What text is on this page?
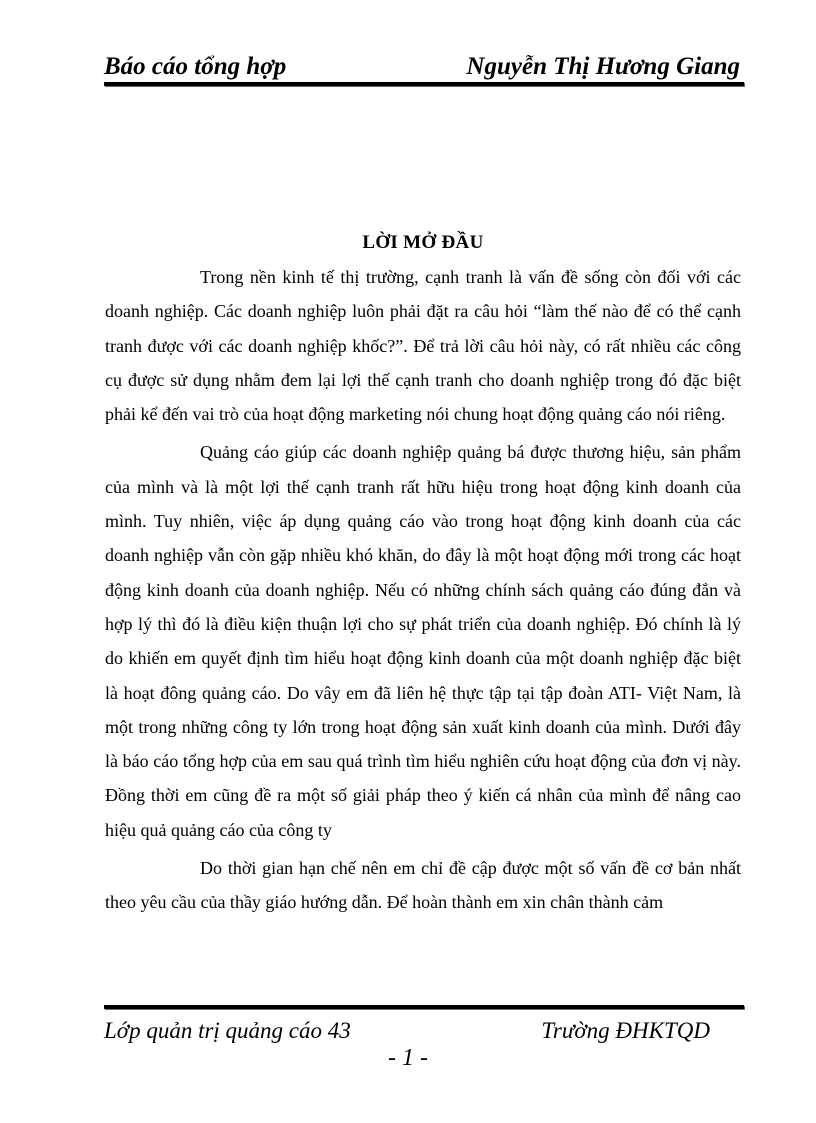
Báo cáo tổng hợp	Nguyễn Thị Hương Giang
LỜI MỞ ĐẦU

Trong nền kinh tế thị trường, cạnh tranh là vấn đề sống còn đối với các doanh nghiệp. Các doanh nghiệp luôn phải đặt ra câu hỏi “làm thế nào để có thể cạnh tranh được với các doanh nghiệp khốc?”. Để trả lời câu hỏi này, có rất nhiều các công cụ được sử dụng nhằm đem lại lợi thế cạnh tranh cho doanh nghiệp trong đó đặc biệt phải kể đến vai trò của hoạt động marketing nói chung hoạt động quảng cáo nói riêng.

Quảng cáo giúp các doanh nghiệp quảng bá được thương hiệu, sản phẩm của mình và là một lợi thế cạnh tranh rất hữu hiệu trong hoạt động kinh doanh của mình. Tuy nhiên, việc áp dụng quảng cáo vào trong hoạt động kinh doanh của các doanh nghiệp vẫn còn gặp nhiều khó khăn, do đây là một hoạt động mới trong các hoạt động kinh doanh của doanh nghiệp. Nếu có những chính sách quảng cáo đúng đắn và hợp lý thì đó là điều kiện thuận lợi cho sự phát triển của doanh nghiệp. Đó chính là lý do khiến em quyết định tìm hiểu hoạt động kinh doanh của một doanh nghiệp đặc biệt là hoạt đông quảng cáo. Do vây em đã liên hệ thực tập tại tập đoàn ATI- Việt Nam, là một trong những công ty lớn trong hoạt động sản xuất kinh doanh của mình. Dưới đây là báo cáo tổng hợp của em sau quá trình tìm hiểu nghiên cứu hoạt động của đơn vị này. Đồng thời em cũng đề ra một số giải pháp theo ý kiến cá nhân của mình để nâng cao hiệu quả quảng cáo của công ty

Do thời gian hạn chế nên em chỉ đề cập được một số vấn đề cơ bản nhất theo yêu cầu của thầy giáo hướng dẫn. Để hoàn thành em xin chân thành cảm

Lớp quản trị quảng cáo 43	Trường ĐHKTQD
- 1 -
